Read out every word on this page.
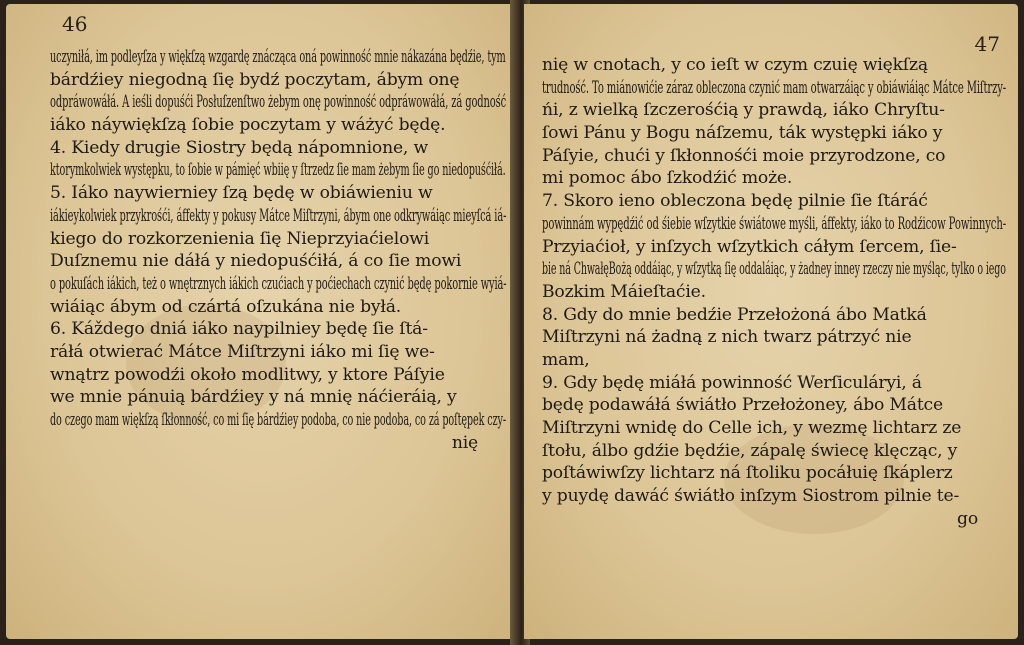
46
uczyniłá, im podleyſza y więkſzą wzgardę znácząca oná powinność mnie nákazána będźie, tym
bárdźiey niegodną ſię bydź poczytam, ábym onę
odpráwowáłá. A ieśli dopuśći Posłuſzenſtwo żebym onę powinność odpráwowáłá, zá godność
iáko náywiękſzą ſobie poczytam y wáżyć będę.
4. Kiedy drugie Siostry będą nápomnione, w
ktorymkolwiek występku, to ſobie w pámięć wbiię y ſtrzedz ſie mam żebym ſie go niedopuśćiłá.
5. Iáko naywierniey ſzą będę w obiáwieniu w
iákieykolwiek przykrośći, áffekty y pokusy Mátce Miſtrzyni, ábym one odkrywáiąc mieyſcá iá-
kiego do rozkorzenienia ſię Nieprzyiaćielowi
Duſznemu nie dáłá y niedopuśćiłá, á co ſie mowi
o pokuſách iákich, też o wnętrznych iákich czućiach y poćiechach czynić będę pokornie wyiá-
wiáiąc ábym od czártá oſzukána nie byłá.
6. Káždego dniá iáko naypilniey będę ſie ſtá-
ráłá otwierać Mátce Miſtrzyni iáko mi ſię we-
wnątrz powodźi około modlitwy, y ktore Páſyie
we mnie pánuią bárdźiey y ná mnię náćieráią, y
do czego mam więkſzą ſkłonność, co mi ſię bárdźiey podoba, co nie podoba, co zá poſtępek czy-
nię
47
nię w cnotach, y co ieſt w czym czuię więkſzą
trudność. To miánowićie záraz obleczona czynić mam otwarzáiąc y obiáwiáiąc Mátce Miſtrzy-
ńi, z wielką ſzczerośćią y prawdą, iáko Chryſtu-
ſowi Pánu y Bogu náſzemu, ták występki iáko y
Páſyie, chući y ſkłonnośći moie przyrodzone, co
mi pomoc ábo ſzkodźić może.
7. Skoro ieno obleczona będę pilnie ſie ſtáráć
powinnám wypędźić od śiebie wſzytkie świátowe myśli, áffekty, iáko to Rodźicow Powinnych-
Przyiaćioł, y inſzych wſzytkich cáłym ſercem, ſie-
bie ná ChwałęBożą oddáiąc, y wſzytką ſię oddaláiąc, y żadney inney rzeczy nie myśląc, tylko o iego
Bozkim Máieſtaćie.
8. Gdy do mnie bedźie Przełożoná ábo Matká
Miſtrzyni ná żadną z nich twarz pátrzyć nie
mam,
9. Gdy będę miáłá powinność Werſiculáryi, á
będę podawáłá świátło Przełożoney, ábo Mátce
Miſtrzyni wnidę do Celle ich, y wezmę lichtarz ze
ſtołu, álbo gdźie będźie, zápalę świecę klęcząc, y
poſtáwiwſzy lichtarz ná ſtoliku pocáłuię ſkáplerz
y puydę dawáć świátło inſzym Siostrom pilnie te-
go
